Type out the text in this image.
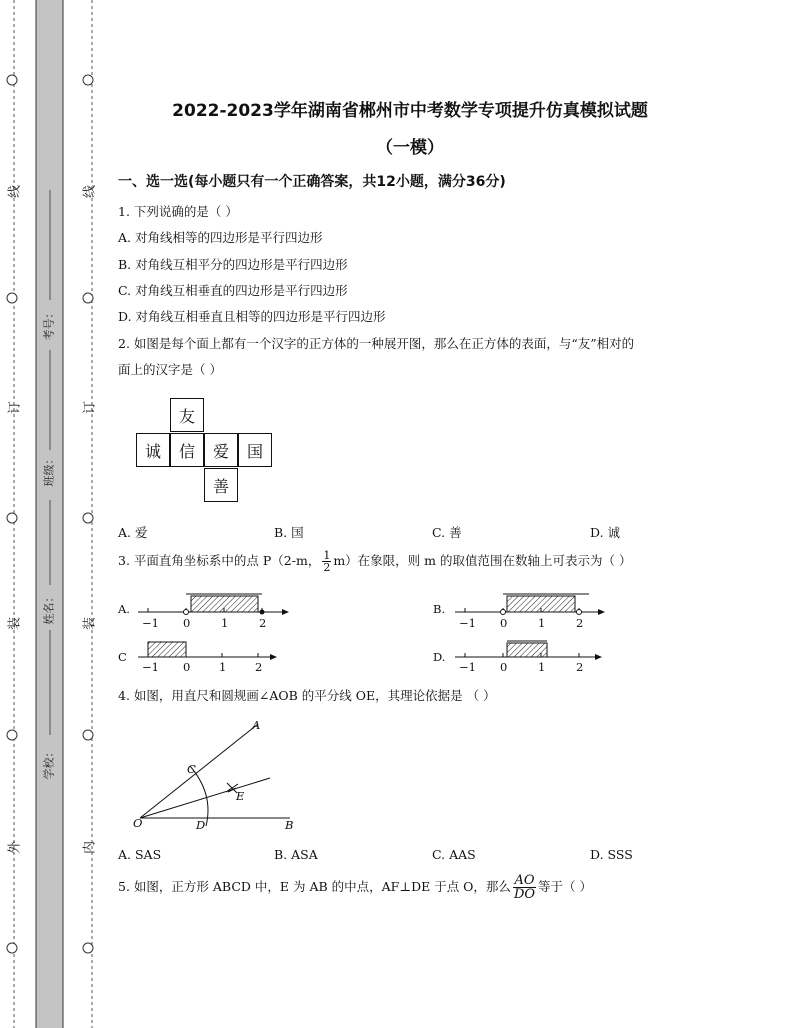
线
订
装
外
线
订
装
内
考号：
班级：
姓名：
学校：
2022-2023学年湖南省郴州市中考数学专项提升仿真模拟试题
（一模）
一、选一选(每小题只有一个正确答案，共12小题，满分36分)
1. 下列说确的是（ ）
A. 对角线相等的四边形是平行四边形
B. 对角线互相平分的四边形是平行四边形
C. 对角线互相垂直的四边形是平行四边形
D. 对角线互相垂直且相等的四边形是平行四边形
2. 如图是每个面上都有一个汉字的正方体的一种展开图，那么在正方体的表面，与“友”相对的
面上的汉字是（ ）
友
诚	信	爱	国
善
A. 爱	B. 国	C. 善	D. 诚
3. 平面直角坐标系中的点 P（2-m， $\frac{1}{2} m$）在象限，则 m 的取值范围在数轴上可表示为（ ）
A.	B.
C	D.
−1 0	1	2	−1 0	1	2
−1 0 1 2	−1 0	1	2
4. 如图，用直尺和圆规画∠AOB 的平分线 OE，其理论依据是 （ ）
A
C
E
O	D	B
A. SAS	B. ASA	C. AAS	D. SSS
5. 如图，正方形 ABCD 中，E 为 AB 的中点，AF⊥DE 于点 O，那么 $\frac{AO}{DO}$ 等于（ ）
